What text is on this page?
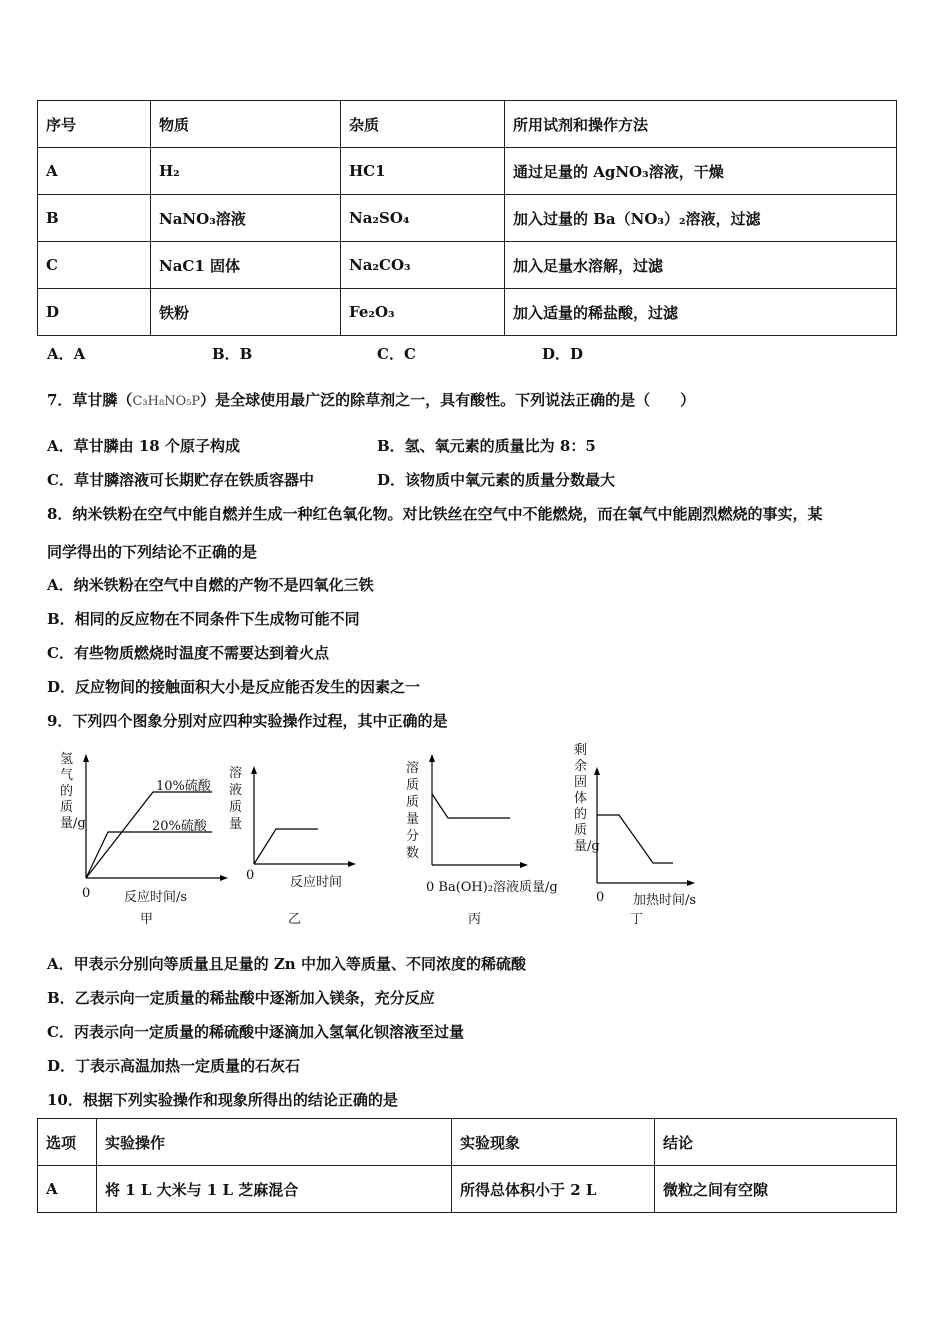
序号	物质	杂质	所用试剂和操作方法
A	H₂	HC1	通过足量的 AgNO₃溶液，干燥
B	NaNO₃溶液	Na₂SO₄	加入过量的 Ba（NO₃）₂溶液，过滤
C	NaC1 固体	Na₂CO₃	加入足量水溶解，过滤
D	铁粉	Fe₂O₃	加入适量的稀盐酸，过滤
A．A	B．B	C．C	D．D
7．草甘膦（C₃H₈NO₅P）是全球使用最广泛的除草剂之一，具有酸性。下列说法正确的是（　　）
A．草甘膦由 18 个原子构成	B．氢、氧元素的质量比为 8：5
C．草甘膦溶液可长期贮存在铁质容器中	D．该物质中氧元素的质量分数最大
8．纳米铁粉在空气中能自燃并生成一种红色氧化物。对比铁丝在空气中不能燃烧，而在氧气中能剧烈燃烧的事实，某
同学得出的下列结论不正确的是
A．纳米铁粉在空气中自燃的产物不是四氧化三铁
B．相同的反应物在不同条件下生成物可能不同
C．有些物质燃烧时温度不需要达到着火点
D．反应物间的接触面积大小是反应能否发生的因素之一
9．下列四个图象分别对应四种实验操作过程，其中正确的是
氢气的质量/g
10%硫酸
20%硫酸
0	反应时间/s
甲
溶液质量
0	反应时间
乙
溶质质量分数
0 Ba(OH)₂溶液质量/g
丙
剩余固体的质量/g
0 加热时间/s
丁
A．甲表示分别向等质量且足量的 Zn 中加入等质量、不同浓度的稀硫酸
B．乙表示向一定质量的稀盐酸中逐渐加入镁条，充分反应
C．丙表示向一定质量的稀硫酸中逐滴加入氢氧化钡溶液至过量
D．丁表示高温加热一定质量的石灰石
10．根据下列实验操作和现象所得出的结论正确的是
选项	实验操作	实验现象	结论
A	将 1 L 大米与 1 L 芝麻混合	所得总体积小于 2 L	微粒之间有空隙
